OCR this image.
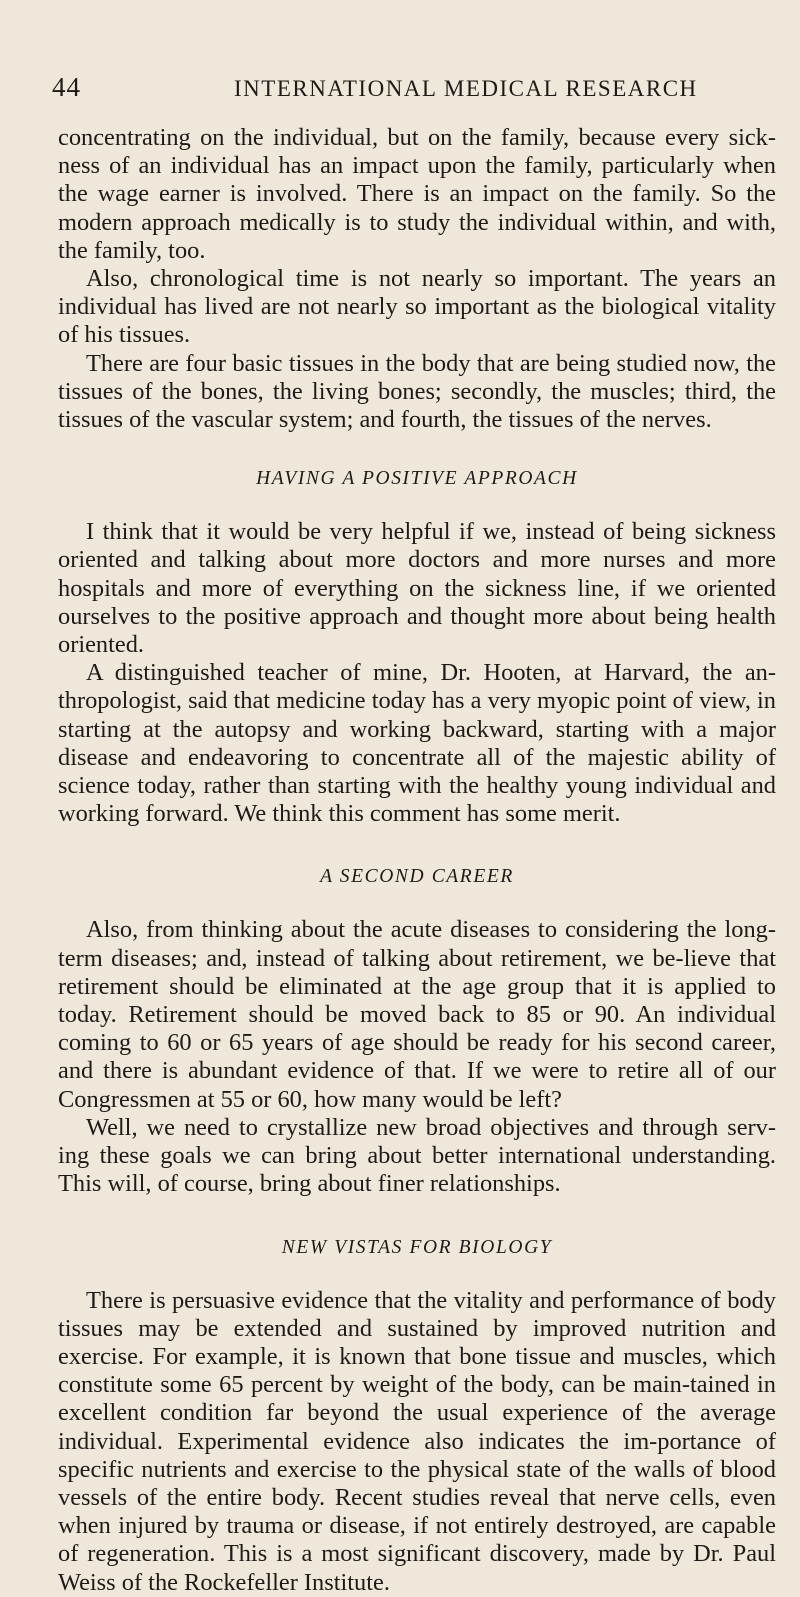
44	INTERNATIONAL MEDICAL RESEARCH

concentrating on the individual, but on the family, because every sick-ness of an individual has an impact upon the family, particularly when the wage earner is involved. There is an impact on the family. So the modern approach medically is to study the individual within, and with, the family, too.

Also, chronological time is not nearly so important. The years an individual has lived are not nearly so important as the biological vitality of his tissues.

There are four basic tissues in the body that are being studied now, the tissues of the bones, the living bones; secondly, the muscles; third, the tissues of the vascular system; and fourth, the tissues of the nerves.

HAVING A POSITIVE APPROACH

I think that it would be very helpful if we, instead of being sickness oriented and talking about more doctors and more nurses and more hospitals and more of everything on the sickness line, if we oriented ourselves to the positive approach and thought more about being health oriented.

A distinguished teacher of mine, Dr. Hooten, at Harvard, the an-thropologist, said that medicine today has a very myopic point of view, in starting at the autopsy and working backward, starting with a major disease and endeavoring to concentrate all of the majestic ability of science today, rather than starting with the healthy young individual and working forward. We think this comment has some merit.

A SECOND CAREER

Also, from thinking about the acute diseases to considering the long-term diseases; and, instead of talking about retirement, we be-lieve that retirement should be eliminated at the age group that it is applied to today. Retirement should be moved back to 85 or 90. An individual coming to 60 or 65 years of age should be ready for his second career, and there is abundant evidence of that. If we were to retire all of our Congressmen at 55 or 60, how many would be left?

Well, we need to crystallize new broad objectives and through serv-ing these goals we can bring about better international understanding. This will, of course, bring about finer relationships.

NEW VISTAS FOR BIOLOGY

There is persuasive evidence that the vitality and performance of body tissues may be extended and sustained by improved nutrition and exercise. For example, it is known that bone tissue and muscles, which constitute some 65 percent by weight of the body, can be main-tained in excellent condition far beyond the usual experience of the average individual. Experimental evidence also indicates the im-portance of specific nutrients and exercise to the physical state of the walls of blood vessels of the entire body. Recent studies reveal that nerve cells, even when injured by trauma or disease, if not entirely destroyed, are capable of regeneration. This is a most significant discovery, made by Dr. Paul Weiss of the Rockefeller Institute.
